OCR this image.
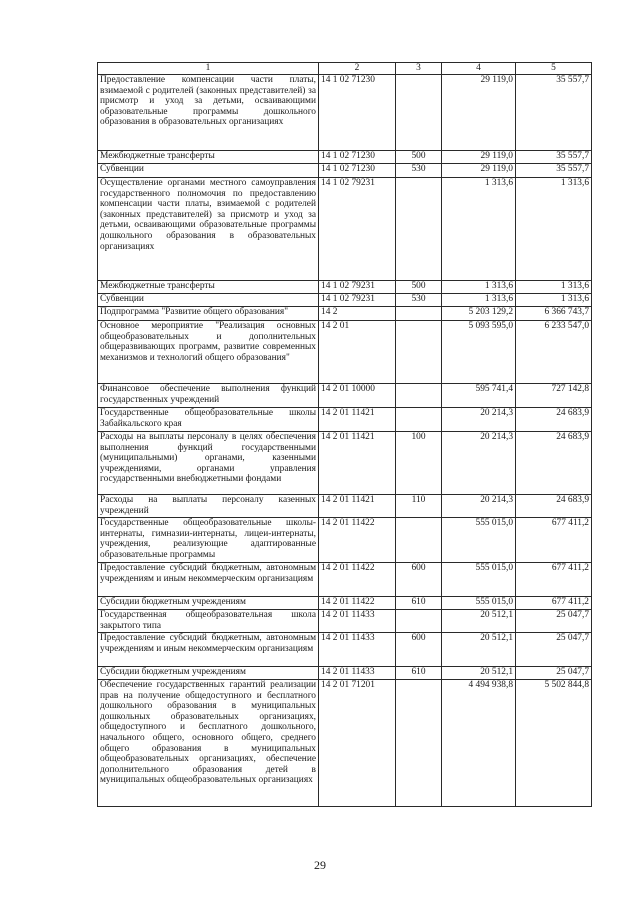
1	2	3	4	5
Предоставление компенсации части платы, взимаемой с родителей (законных представителей) за присмотр и уход за детьми, осваивающими образовательные программы дошкольного образования в образовательных организациях	14 1 02 71230		29 119,0	35 557,7
Межбюджетные трансферты	14 1 02 71230	500	29 119,0	35 557,7
Субвенции	14 1 02 71230	530	29 119,0	35 557,7
Осуществление органами местного самоуправления государственного полномочия по предоставлению компенсации части платы, взимаемой с родителей (законных представителей) за присмотр и уход за детьми, осваивающими образовательные программы дошкольного образования в образовательных организациях	14 1 02 79231		1 313,6	1 313,6
Межбюджетные трансферты	14 1 02 79231	500	1 313,6	1 313,6
Субвенции	14 1 02 79231	530	1 313,6	1 313,6
Подпрограмма "Развитие общего образования"	14 2		5 203 129,2	6 366 743,7
Основное мероприятие "Реализация основных общеобразовательных и дополнительных общеразвивающих программ, развитие современных механизмов и технологий общего образования"	14 2 01		5 093 595,0	6 233 547,0
Финансовое обеспечение выполнения функций государственных учреждений	14 2 01 10000		595 741,4	727 142,8
Государственные общеобразовательные школы Забайкальского края	14 2 01 11421		20 214,3	24 683,9
Расходы на выплаты персоналу в целях обеспечения выполнения функций государственными (муниципальными) органами, казенными учреждениями, органами управления государственными внебюджетными фондами	14 2 01 11421	100	20 214,3	24 683,9
Расходы на выплаты персоналу казенных учреждений	14 2 01 11421	110	20 214,3	24 683,9
Государственные общеобразовательные школы-интернаты, гимназии-интернаты, лицеи-интернаты, учреждения, реализующие адаптированные образовательные программы	14 2 01 11422		555 015,0	677 411,2
Предоставление субсидий бюджетным, автономным учреждениям и иным некоммерческим организациям	14 2 01 11422	600	555 015,0	677 411,2
Субсидии бюджетным учреждениям	14 2 01 11422	610	555 015,0	677 411,2
Государственная общеобразовательная школа закрытого типа	14 2 01 11433		20 512,1	25 047,7
Предоставление субсидий бюджетным, автономным учреждениям и иным некоммерческим организациям	14 2 01 11433	600	20 512,1	25 047,7
Субсидии бюджетным учреждениям	14 2 01 11433	610	20 512,1	25 047,7
Обеспечение государственных гарантий реализации прав на получение общедоступного и бесплатного дошкольного образования в муниципальных дошкольных образовательных организациях, общедоступного и бесплатного дошкольного, начального общего, основного общего, среднего общего образования в муниципальных общеобразовательных организациях, обеспечение дополнительного образования детей в муниципальных общеобразовательных организациях	14 2 01 71201		4 494 938,8	5 502 844,8
29
